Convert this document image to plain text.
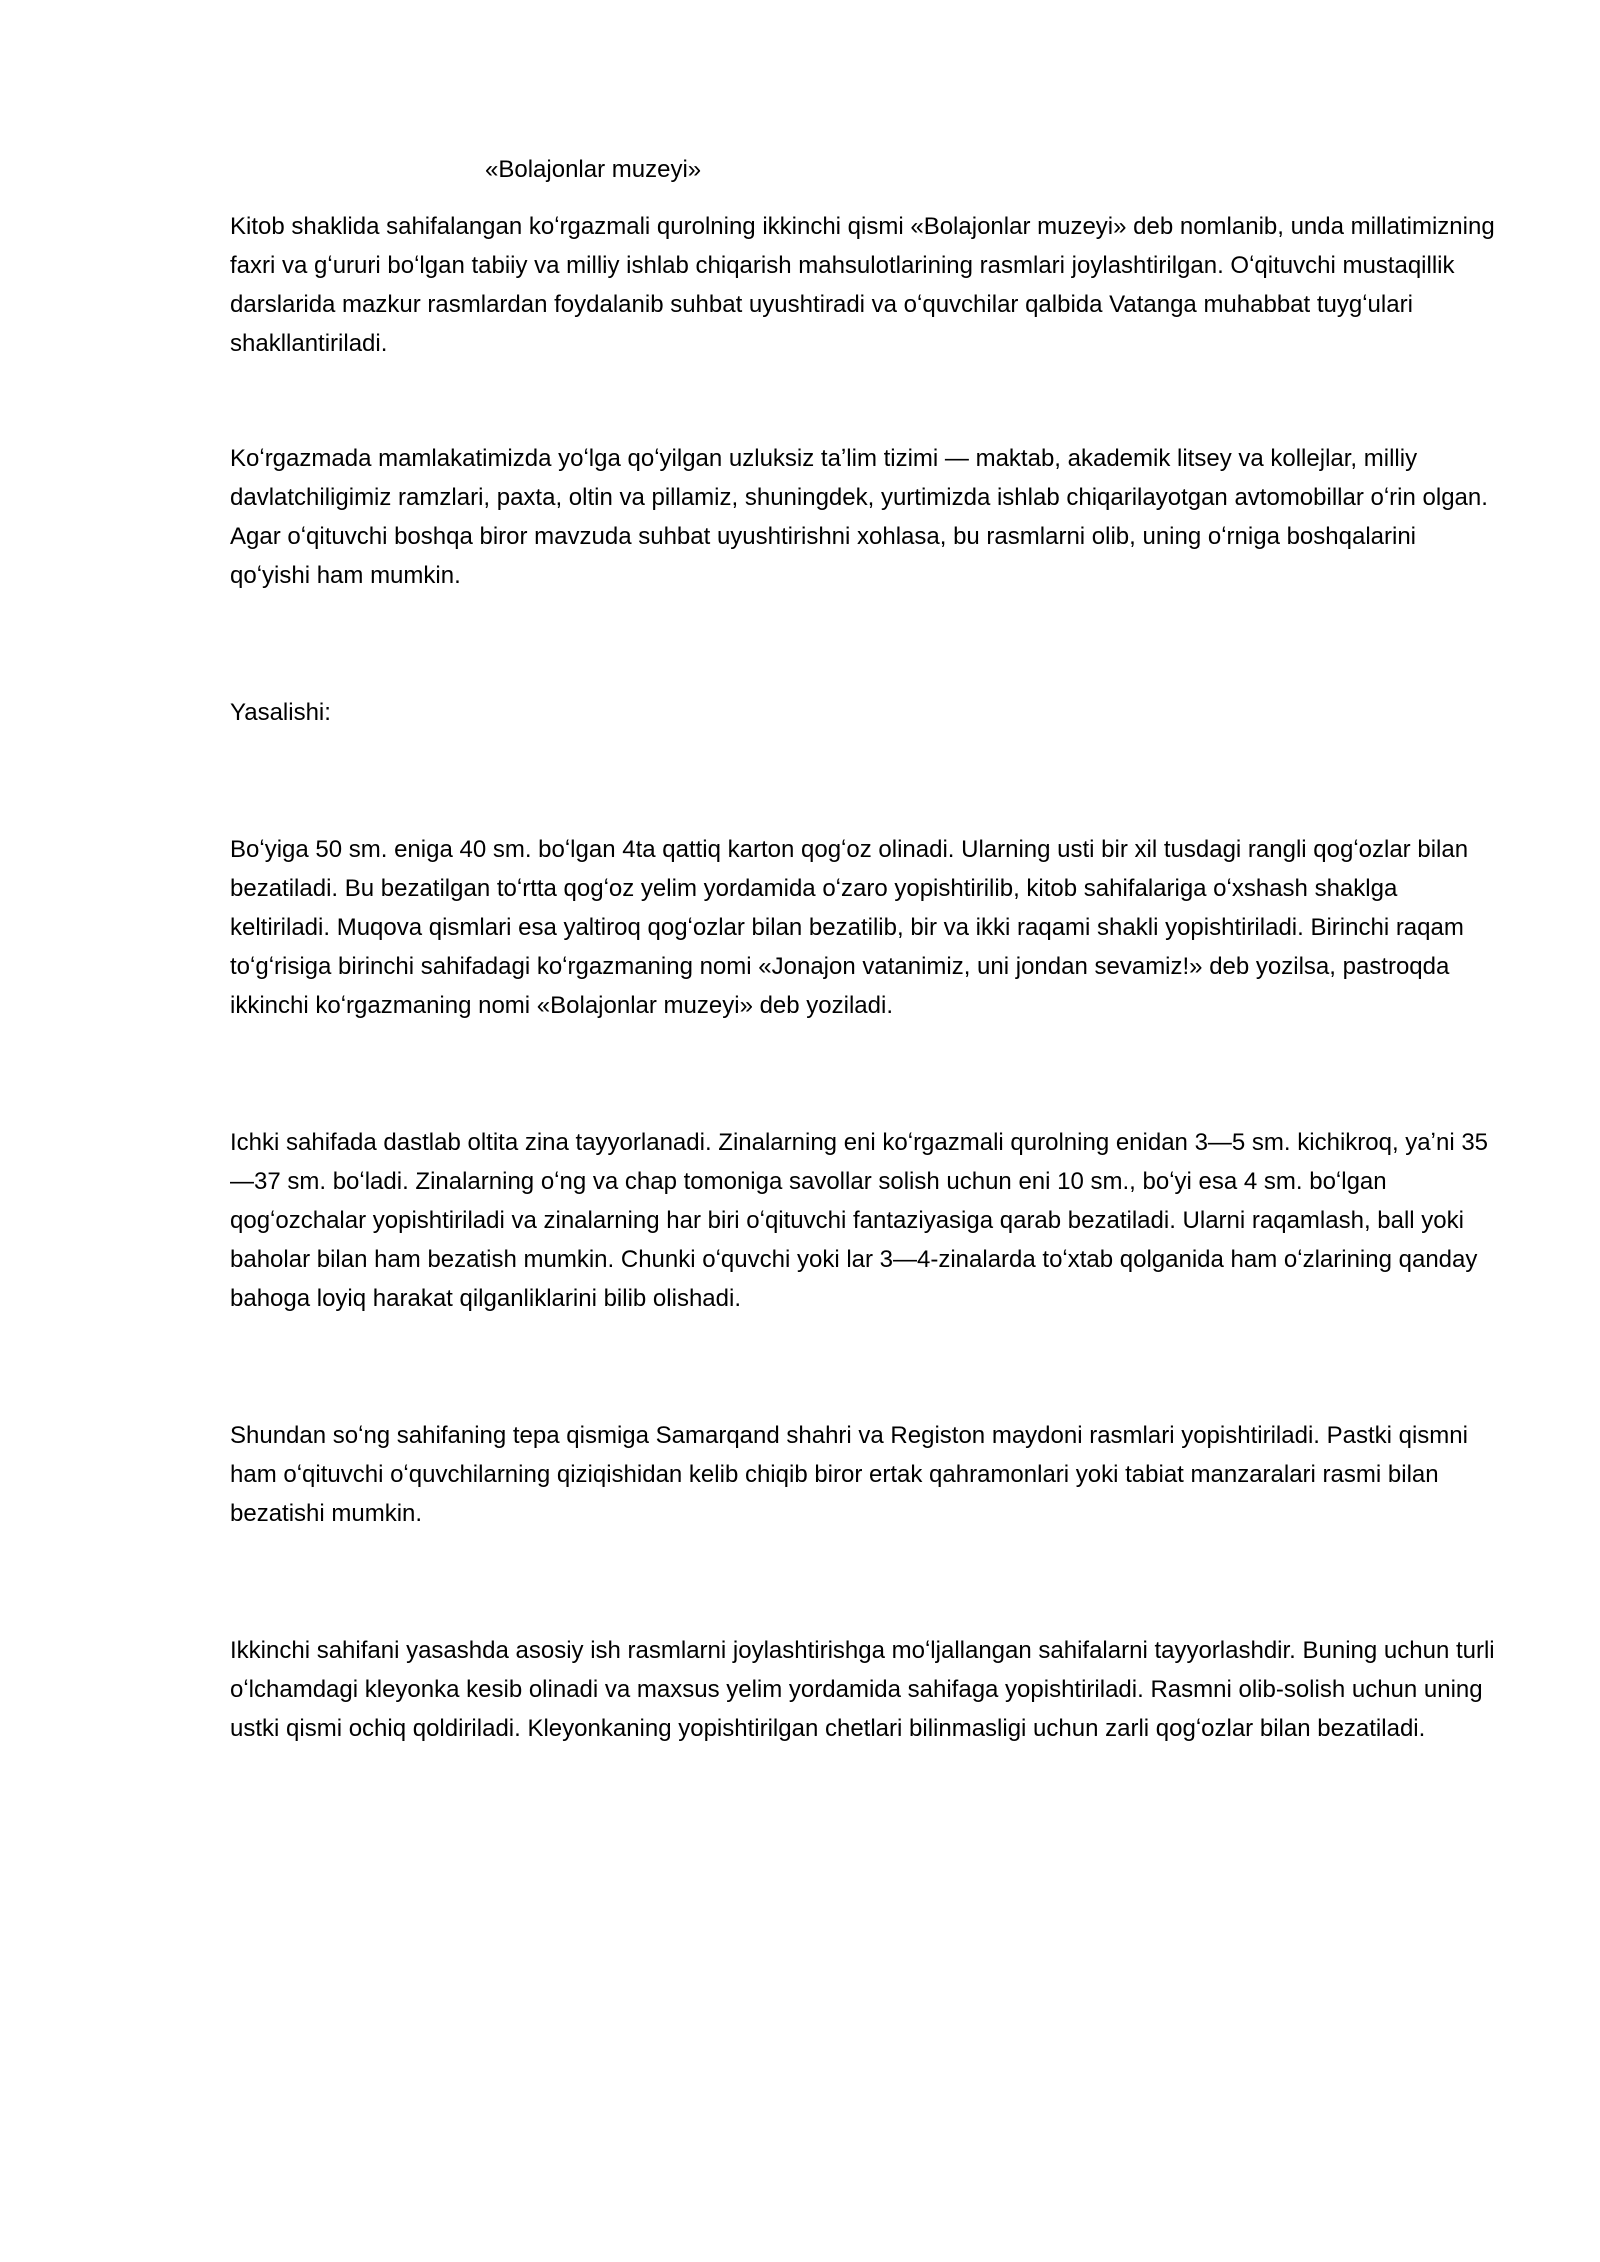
«Bolajonlar muzeyi»

Kitob shaklida sahifalangan koʻrgazmali qurolning ikkinchi qismi «Bolajonlar muzeyi» deb nomlanib, unda millatimizning faxri va gʻururi boʻlgan tabiiy va milliy ishlab chiqarish mahsulotlarining rasmlari joylashtirilgan. Oʻqituvchi mustaqillik darslarida mazkur rasmlardan foydalanib suhbat uyushtiradi va oʻquvchilar qalbida Vatanga muhabbat tuygʻulari shakllantiriladi.

Koʻrgazmada mamlakatimizda yoʻlga qoʻyilgan uzluksiz taʼlim tizimi — maktab, akademik litsey va kollejlar, milliy davlatchiligimiz ramzlari, paxta, oltin va pillamiz, shuningdek, yurtimizda ishlab chiqarilayotgan avtomobillar oʻrin olgan. Agar oʻqituvchi boshqa biror mavzuda suhbat uyushtirishni xohlasa, bu rasmlarni olib, uning oʻrniga boshqalarini qoʻyishi ham mumkin.

Yasalishi:

Boʻyiga 50 sm. eniga 40 sm. boʻlgan 4ta qattiq karton qogʻoz olinadi. Ularning usti bir xil tusdagi rangli qogʻozlar bilan bezatiladi. Bu bezatilgan toʻrtta qogʻoz yelim yordamida oʻzaro yopishtirilib, kitob sahifalariga oʻxshash shaklga keltiriladi. Muqova qismlari esa yaltiroq qogʻozlar bilan bezatilib, bir va ikki raqami shakli yopishtiriladi. Birinchi raqam toʻgʻrisiga birinchi sahifadagi koʻrgazmaning nomi «Jonajon vatanimiz, uni jondan sevamiz!» deb yozilsa, pastroqda ikkinchi koʻrgazmaning nomi «Bolajonlar muzeyi» deb yoziladi.

Ichki sahifada dastlab oltita zina tayyorlanadi. Zinalarning eni koʻrgazmali qurolning enidan 3—5 sm. kichikroq, yaʼni 35—37 sm. boʻladi. Zinalarning oʻng va chap tomoniga savollar solish uchun eni 10 sm., boʻyi esa 4 sm. boʻlgan qogʻozchalar yopishtiriladi va zinalarning har biri oʻqituvchi fantaziyasiga qarab bezatiladi. Ularni raqamlash, ball yoki baholar bilan ham bezatish mumkin. Chunki oʻquvchi yoki lar 3—4-zinalarda toʻxtab qolganida ham oʻzlarining qanday bahoga loyiq harakat qilganliklarini bilib olishadi.

Shundan soʻng sahifaning tepa qismiga Samarqand shahri va Registon maydoni rasmlari yopishtiriladi. Pastki qismni ham oʻqituvchi oʻquvchilarning qiziqishidan kelib chiqib biror ertak qahramonlari yoki tabiat manzaralari rasmi bilan bezatishi mumkin.

Ikkinchi sahifani yasashda asosiy ish rasmlarni joylashtirishga moʻljallangan sahifalarni tayyorlashdir. Buning uchun turli oʻlchamdagi kleyonka kesib olinadi va maxsus yelim yordamida sahifaga yopishtiriladi. Rasmni olib-solish uchun uning ustki qismi ochiq qoldiriladi. Kleyonkaning yopishtirilgan chetlari bilinmasligi uchun zarli qogʻozlar bilan bezatiladi.
